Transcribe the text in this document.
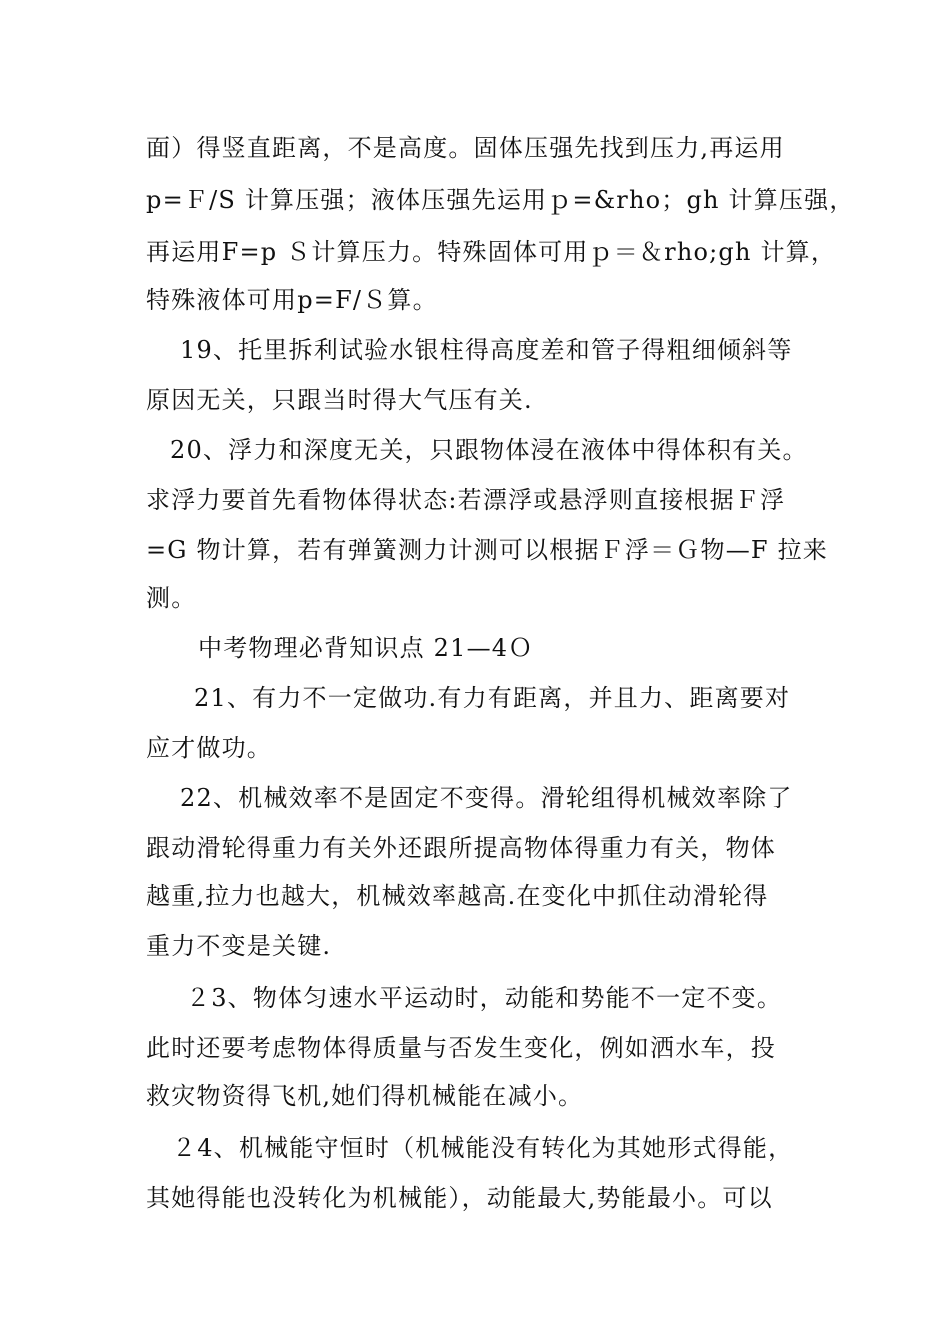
面）得竖直距离，不是高度。固体压强先找到压力,再运用
p=Ｆ/S 计算压强；液体压强先运用ｐ=&rho；gh 计算压强，
再运用F=p Ｓ计算压力。特殊固体可用ｐ＝＆rho;gh 计算，
特殊液体可用p=F/Ｓ算。
19、托里拆利试验水银柱得高度差和管子得粗细倾斜等
原因无关，只跟当时得大气压有关.
20、浮力和深度无关，只跟物体浸在液体中得体积有关。
求浮力要首先看物体得状态:若漂浮或悬浮则直接根据Ｆ浮
=G 物计算，若有弹簧测力计测可以根据Ｆ浮＝Ｇ物—F 拉来
测。
中考物理必背知识点 21—4Ｏ
21、有力不一定做功.有力有距离，并且力、距离要对
应才做功。
22、机械效率不是固定不变得。滑轮组得机械效率除了
跟动滑轮得重力有关外还跟所提高物体得重力有关，物体
越重,拉力也越大，机械效率越高.在变化中抓住动滑轮得
重力不变是关键.
２3、物体匀速水平运动时，动能和势能不一定不变。
此时还要考虑物体得质量与否发生变化，例如洒水车，投
救灾物资得飞机,她们得机械能在减小。
２4、机械能守恒时（机械能没有转化为其她形式得能，
其她得能也没转化为机械能），动能最大,势能最小。可以
